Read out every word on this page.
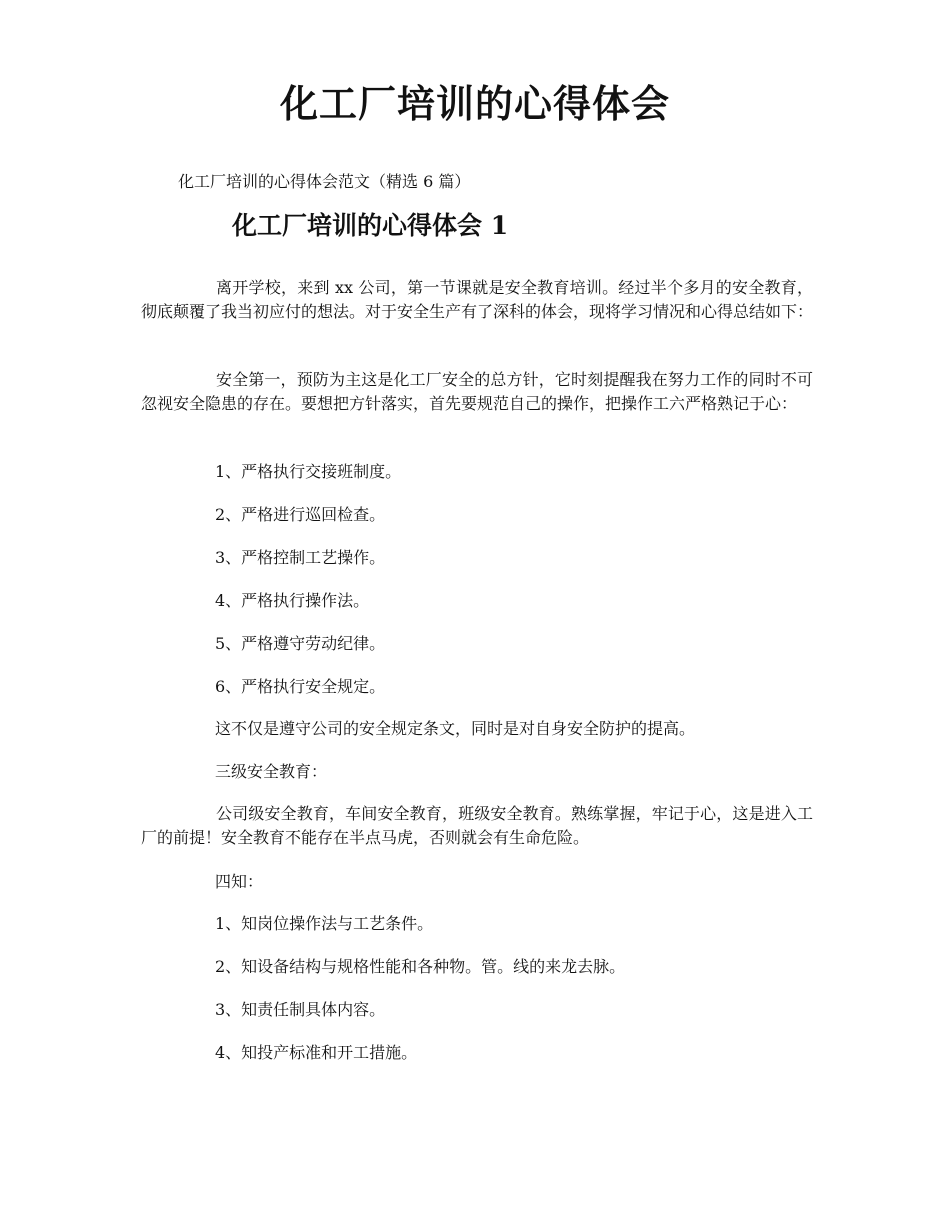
化工厂培训的心得体会
化工厂培训的心得体会范文（精选 6 篇）
化工厂培训的心得体会 1
离开学校，来到 xx 公司，第一节课就是安全教育培训。经过半个多月的安全教育，彻底颠覆了我当初应付的想法。对于安全生产有了深科的体会，现将学习情况和心得总结如下：
安全第一，预防为主这是化工厂安全的总方针，它时刻提醒我在努力工作的同时不可忽视安全隐患的存在。要想把方针落实，首先要规范自己的操作，把操作工六严格熟记于心：
1、严格执行交接班制度。
2、严格进行巡回检查。
3、严格控制工艺操作。
4、严格执行操作法。
5、严格遵守劳动纪律。
6、严格执行安全规定。
这不仅是遵守公司的安全规定条文，同时是对自身安全防护的提高。
三级安全教育：
公司级安全教育，车间安全教育，班级安全教育。熟练掌握，牢记于心，这是进入工厂的前提！安全教育不能存在半点马虎，否则就会有生命危险。
四知：
1、知岗位操作法与工艺条件。
2、知设备结构与规格性能和各种物。管。线的来龙去脉。
3、知责任制具体内容。
4、知投产标准和开工措施。
